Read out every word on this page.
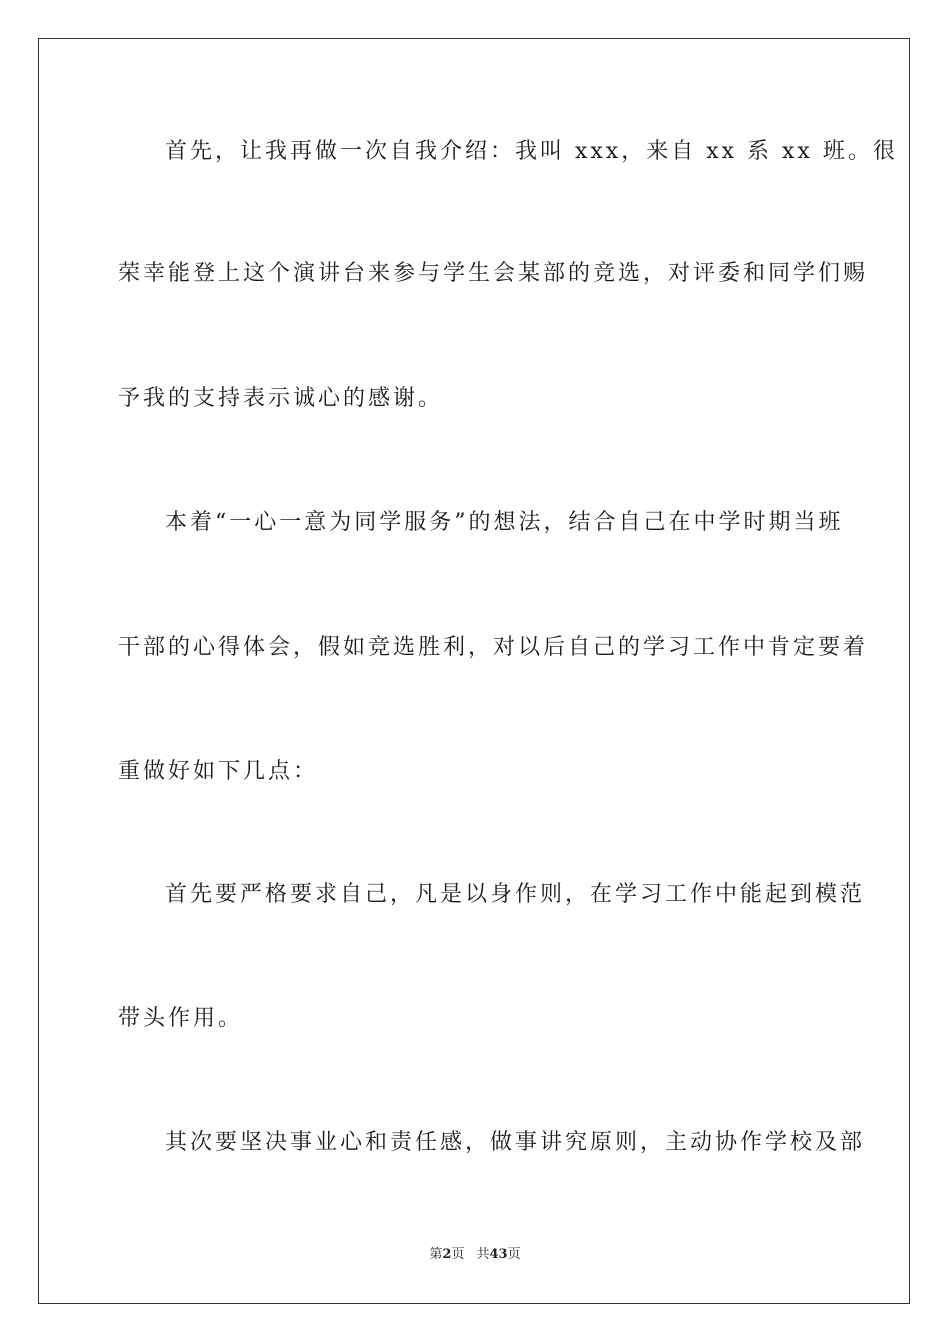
首先，让我再做一次自我介绍：我叫 xxx，来自 xx 系 xx 班。很
荣幸能登上这个演讲台来参与学生会某部的竞选，对评委和同学们赐
予我的支持表示诚心的感谢。
本着“一心一意为同学服务”的想法，结合自己在中学时期当班
干部的心得体会，假如竞选胜利，对以后自己的学习工作中肯定要着
重做好如下几点：
首先要严格要求自己，凡是以身作则，在学习工作中能起到模范
带头作用。
其次要坚决事业心和责任感，做事讲究原则，主动协作学校及部
第2页 共43页
